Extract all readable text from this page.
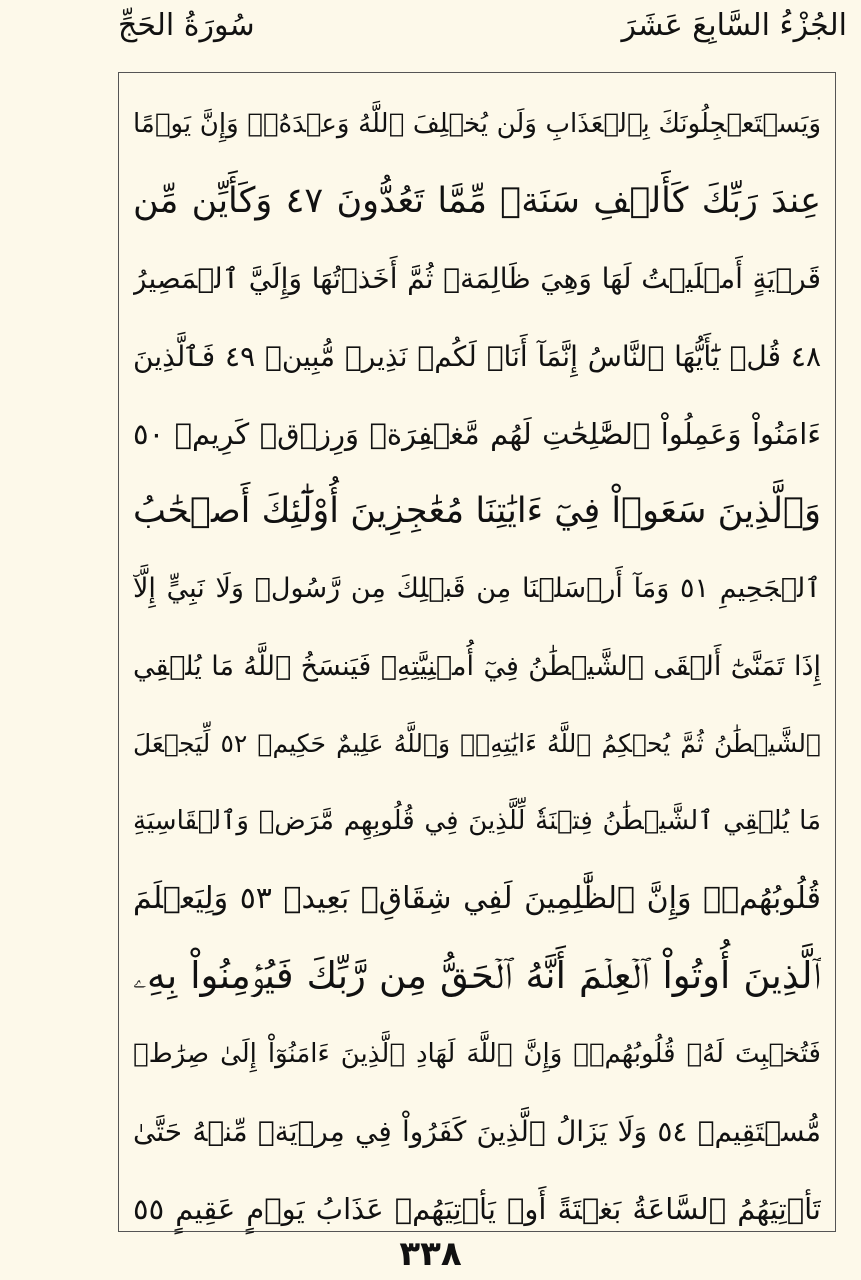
سُورَةُ الحَجِّ	الجُزْءُ السَّابِعَ عَشَرَ
وَيَسۡتَعۡجِلُونَكَ بِٱلۡعَذَابِ وَلَن يُخۡلِفَ ٱللَّهُ وَعۡدَهُۥۚ وَإِنَّ يَوۡمًا
عِندَ رَبِّكَ كَأَلۡفِ سَنَةٖ مِّمَّا تَعُدُّونَ ٤٧ وَكَأَيِّن مِّن
قَرۡيَةٍ أَمۡلَيۡتُ لَهَا وَهِيَ ظَالِمَةٞ ثُمَّ أَخَذۡتُهَا وَإِلَيَّ ٱلۡمَصِيرُ
٤٨ قُلۡ يَٰٓأَيُّهَا ٱلنَّاسُ إِنَّمَآ أَنَا۠ لَكُمۡ نَذِيرٞ مُّبِينٞ ٤٩ فَٱلَّذِينَ
ءَامَنُواْ وَعَمِلُواْ ٱلصَّٰلِحَٰتِ لَهُم مَّغۡفِرَةٞ وَرِزۡقٞ كَرِيمٞ ٥٠
وَٱلَّذِينَ سَعَوۡاْ فِيٓ ءَايَٰتِنَا مُعَٰجِزِينَ أُوْلَٰٓئِكَ أَصۡحَٰبُ
ٱلۡجَحِيمِ ٥١ وَمَآ أَرۡسَلۡنَا مِن قَبۡلِكَ مِن رَّسُولٖ وَلَا نَبِيٍّ إِلَّآ
إِذَا تَمَنَّىٰٓ أَلۡقَى ٱلشَّيۡطَٰنُ فِيٓ أُمۡنِيَّتِهِۦ فَيَنسَخُ ٱللَّهُ مَا يُلۡقِي
ٱلشَّيۡطَٰنُ ثُمَّ يُحۡكِمُ ٱللَّهُ ءَايَٰتِهِۦۗ وَٱللَّهُ عَلِيمٌ حَكِيمٞ ٥٢ لِّيَجۡعَلَ
مَا يُلۡقِي ٱلشَّيۡطَٰنُ فِتۡنَةٗ لِّلَّذِينَ فِي قُلُوبِهِم مَّرَضٞ وَٱلۡقَاسِيَةِ
قُلُوبُهُمۡۗ وَإِنَّ ٱلظَّٰلِمِينَ لَفِي شِقَاقِۭ بَعِيدٖ ٥٣ وَلِيَعۡلَمَ
ٱلَّذِينَ أُوتُواْ ٱلۡعِلۡمَ أَنَّهُ ٱلۡحَقُّ مِن رَّبِّكَ فَيُؤۡمِنُواْ بِهِۦ
فَتُخۡبِتَ لَهُۥ قُلُوبُهُمۡۗ وَإِنَّ ٱللَّهَ لَهَادِ ٱلَّذِينَ ءَامَنُوٓاْ إِلَىٰ صِرَٰطٖ
مُّسۡتَقِيمٖ ٥٤ وَلَا يَزَالُ ٱلَّذِينَ كَفَرُواْ فِي مِرۡيَةٖ مِّنۡهُ حَتَّىٰ
تَأۡتِيَهُمُ ٱلسَّاعَةُ بَغۡتَةً أَوۡ يَأۡتِيَهُمۡ عَذَابُ يَوۡمٍ عَقِيمٍ ٥٥
٣٣٨
